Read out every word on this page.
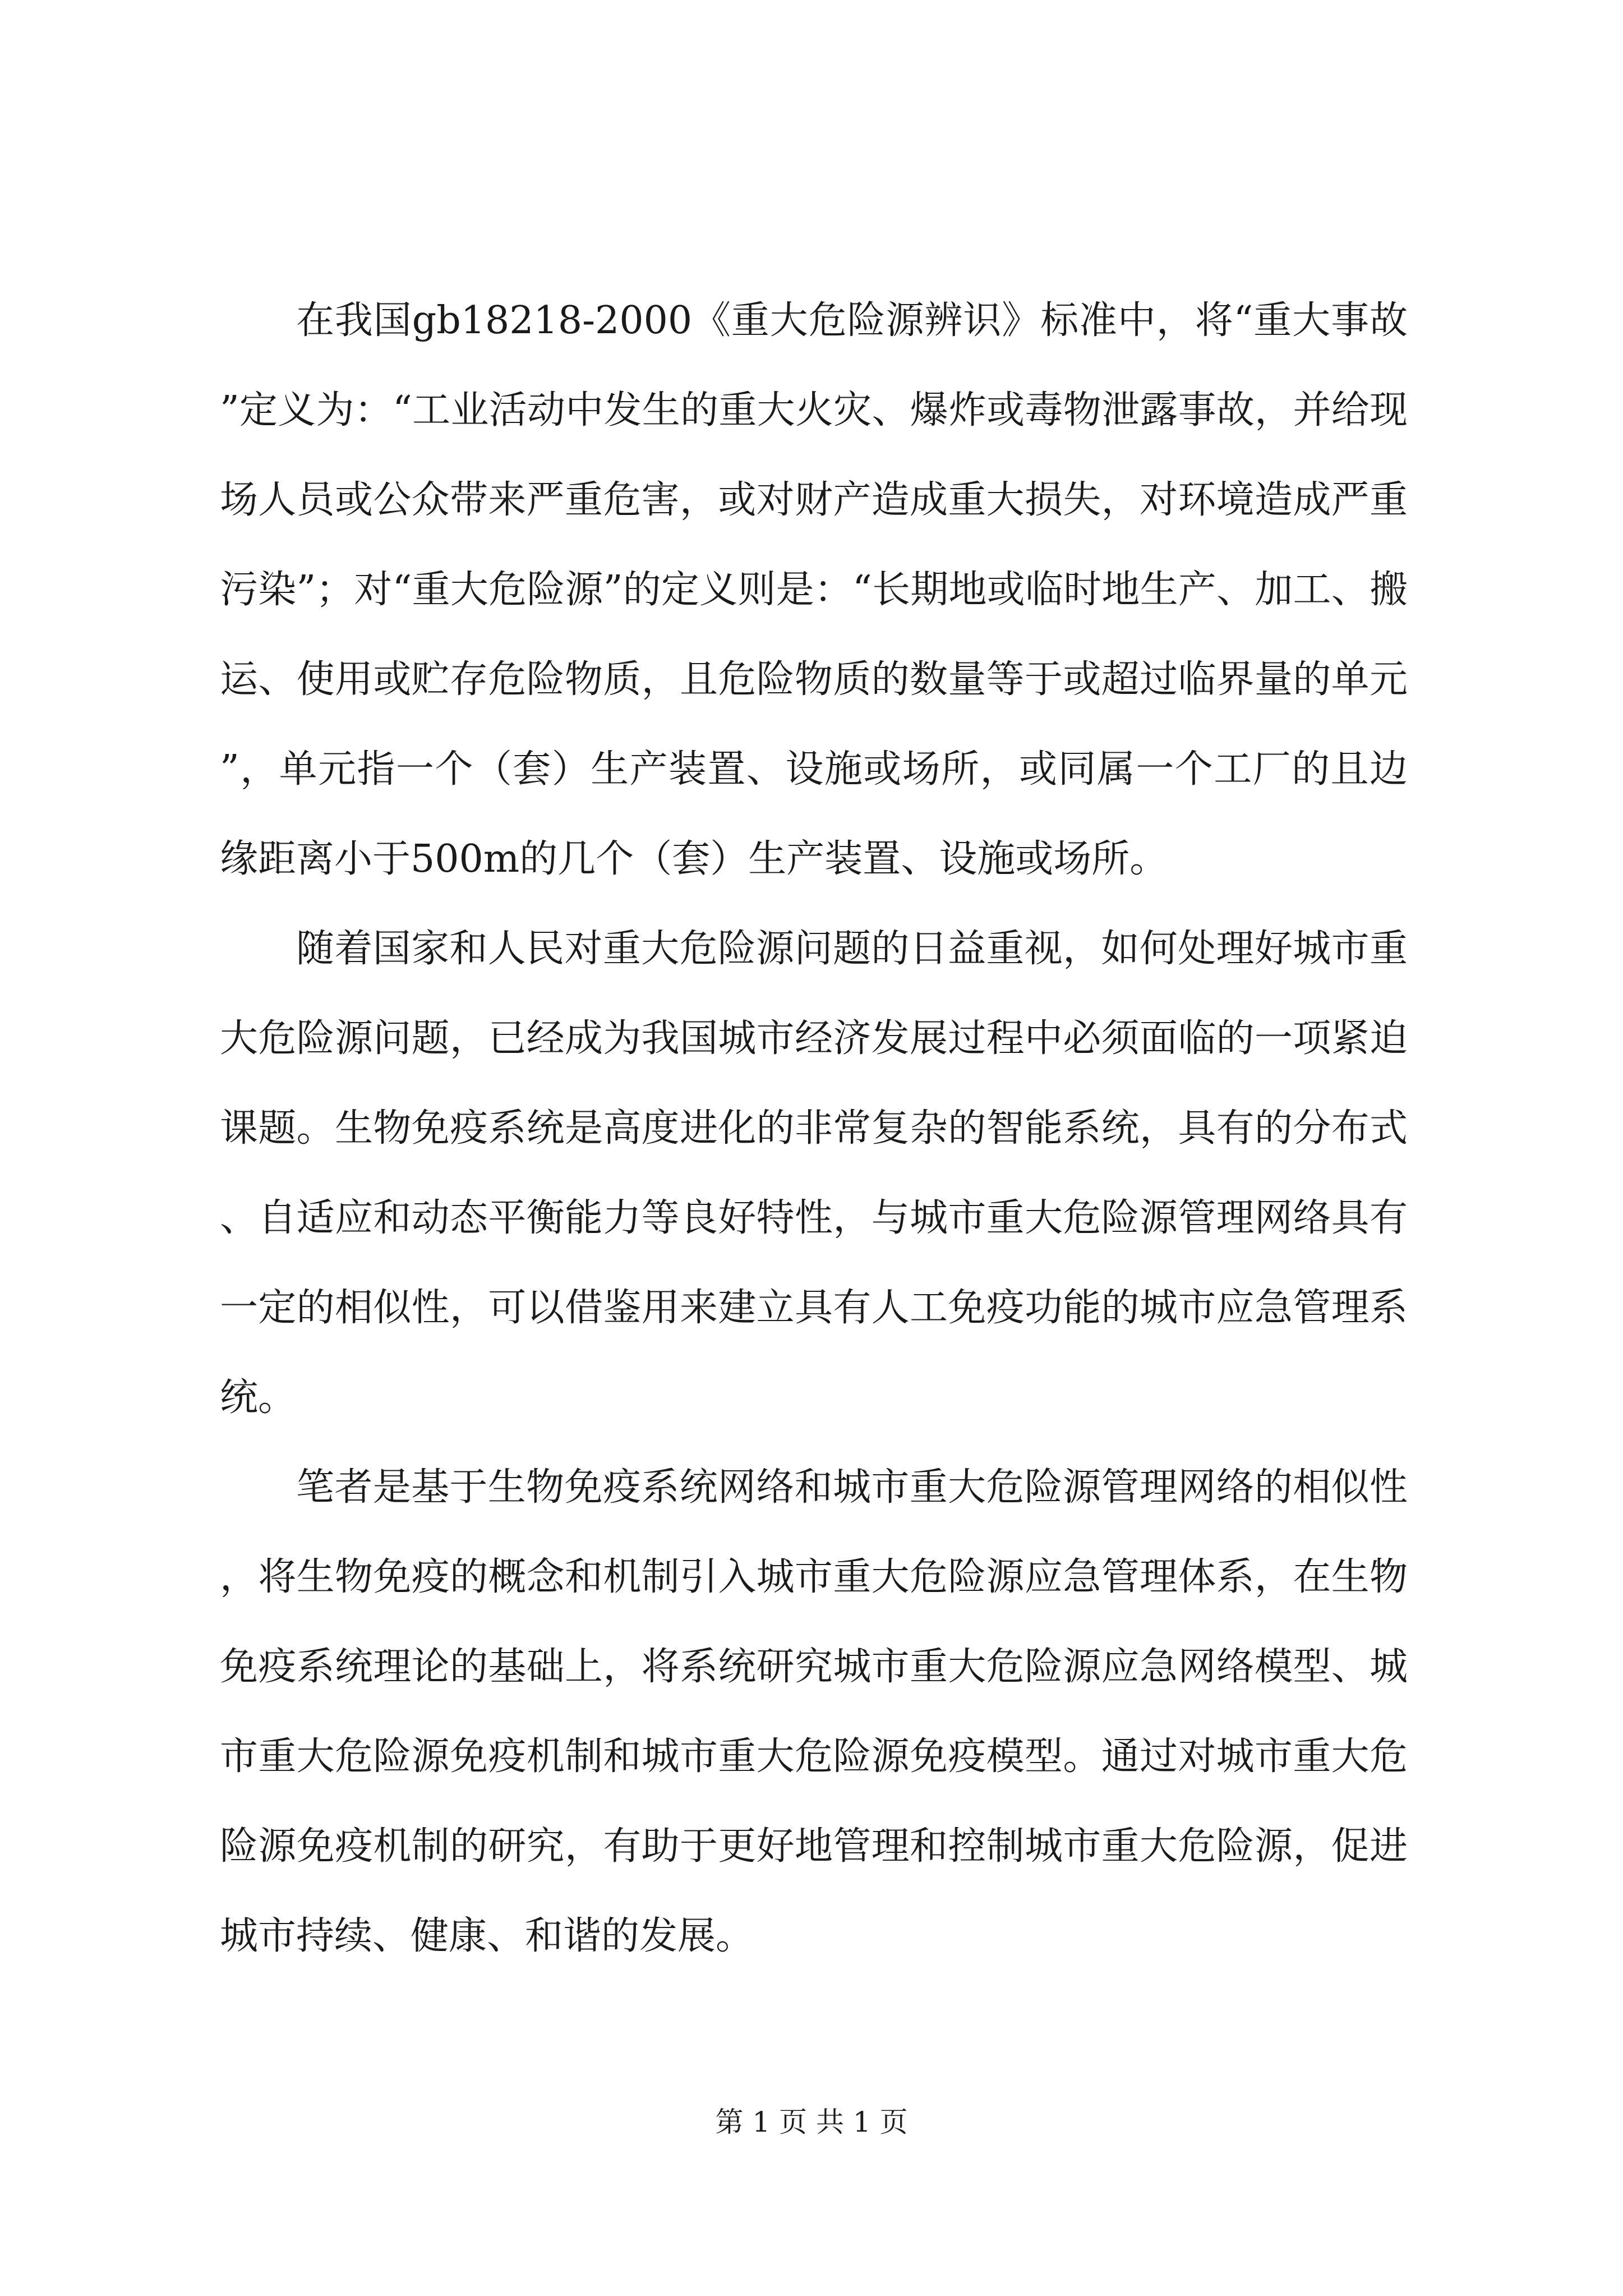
在我国gb18218-2000《重大危险源辨识》标准中，将“重大事故”定义为：“工业活动中发生的重大火灾、爆炸或毒物泄露事故，并给现场人员或公众带来严重危害，或对财产造成重大损失，对环境造成严重污染”；对“重大危险源”的定义则是：“长期地或临时地生产、加工、搬运、使用或贮存危险物质，且危险物质的数量等于或超过临界量的单元”，单元指一个（套）生产装置、设施或场所，或同属一个工厂的且边缘距离小于500m的几个（套）生产装置、设施或场所。

随着国家和人民对重大危险源问题的日益重视，如何处理好城市重大危险源问题，已经成为我国城市经济发展过程中必须面临的一项紧迫课题。生物免疫系统是高度进化的非常复杂的智能系统，具有的分布式、自适应和动态平衡能力等良好特性，与城市重大危险源管理网络具有一定的相似性，可以借鉴用来建立具有人工免疫功能的城市应急管理系统。

笔者是基于生物免疫系统网络和城市重大危险源管理网络的相似性，将生物免疫的概念和机制引入城市重大危险源应急管理体系，在生物免疫系统理论的基础上，将系统研究城市重大危险源应急网络模型、城市重大危险源免疫机制和城市重大危险源免疫模型。通过对城市重大危险源免疫机制的研究，有助于更好地管理和控制城市重大危险源，促进城市持续、健康、和谐的发展。

第 1 页 共 1 页
